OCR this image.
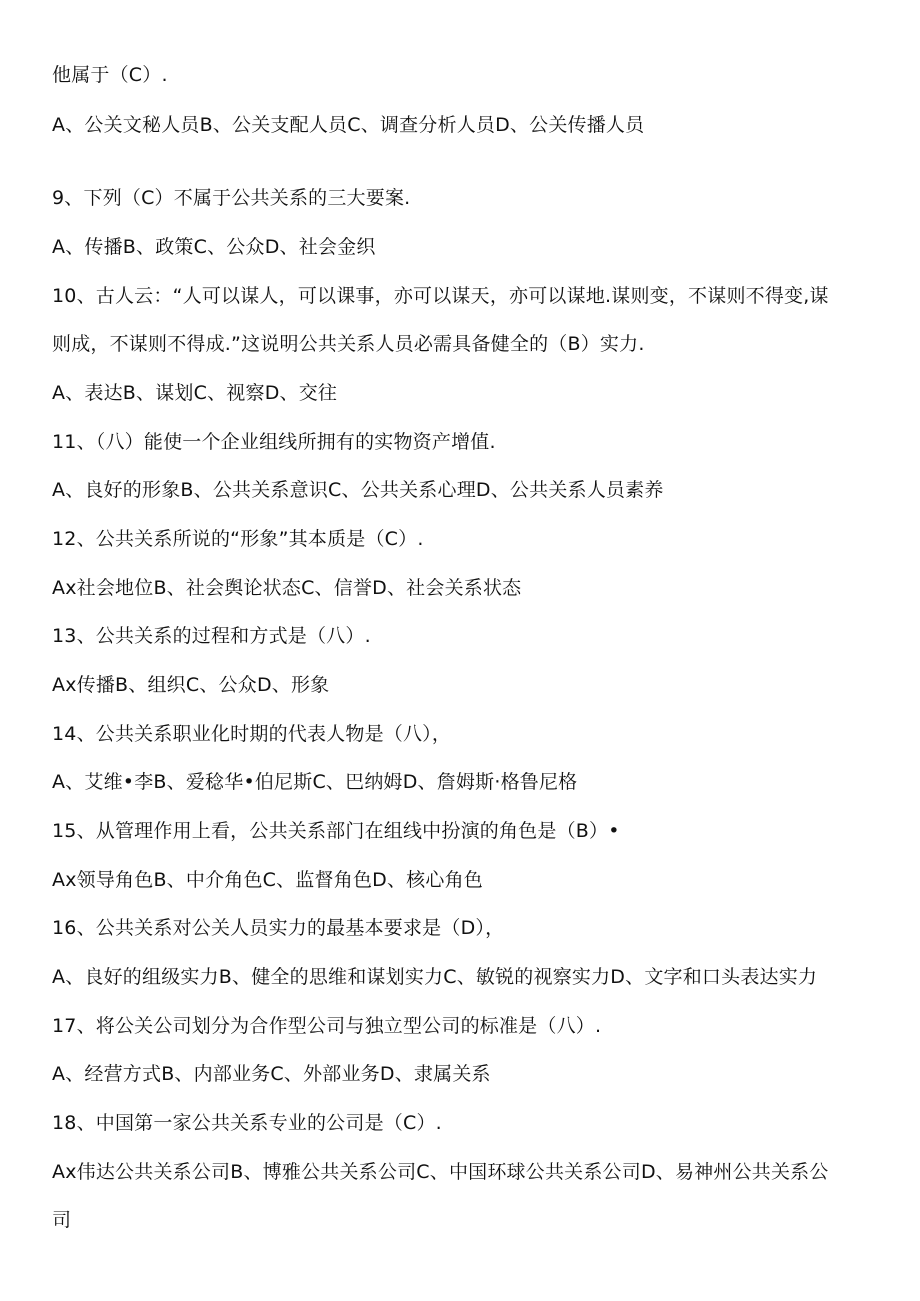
他属于（C）.
A、公关文秘人员B、公关支配人员C、调查分析人员D、公关传播人员
9、下列（C）不属于公共关系的三大要案.
A、传播B、政策C、公众D、社会金织
10、古人云：“人可以谋人，可以课事，亦可以谋天，亦可以谋地.谋则变，不谋则不得变,谋
则成，不谋则不得成.”这说明公共关系人员必需具备健全的（B）实力.
A、表达B、谋划C、视察D、交往
11、（八）能使一个企业组线所拥有的实物资产增值.
A、良好的形象B、公共关系意识C、公共关系心理D、公共关系人员素养
12、公共关系所说的“形象”其本质是（C）.
Ax社会地位B、社会舆论状态C、信誉D、社会关系状态
13、公共关系的过程和方式是（八）.
Ax传播B、组织C、公众D、形象
14、公共关系职业化时期的代表人物是（八），
A、艾维•李B、爱稔华•伯尼斯C、巴纳姆D、詹姆斯·格鲁尼格
15、从管理作用上看，公共关系部门在组线中扮演的角色是（B）•
Ax领导角色B、中介角色C、监督角色D、核心角色
16、公共关系对公关人员实力的最基本要求是（D），
A、良好的组级实力B、健全的思维和谋划实力C、敏锐的视察实力D、文字和口头表达实力
17、将公关公司划分为合作型公司与独立型公司的标准是（八）.
A、经营方式B、内部业务C、外部业务D、隶属关系
18、中国第一家公共关系专业的公司是（C）.
Ax伟达公共关系公司B、博雅公共关系公司C、中国环球公共关系公司D、易神州公共关系公
司
